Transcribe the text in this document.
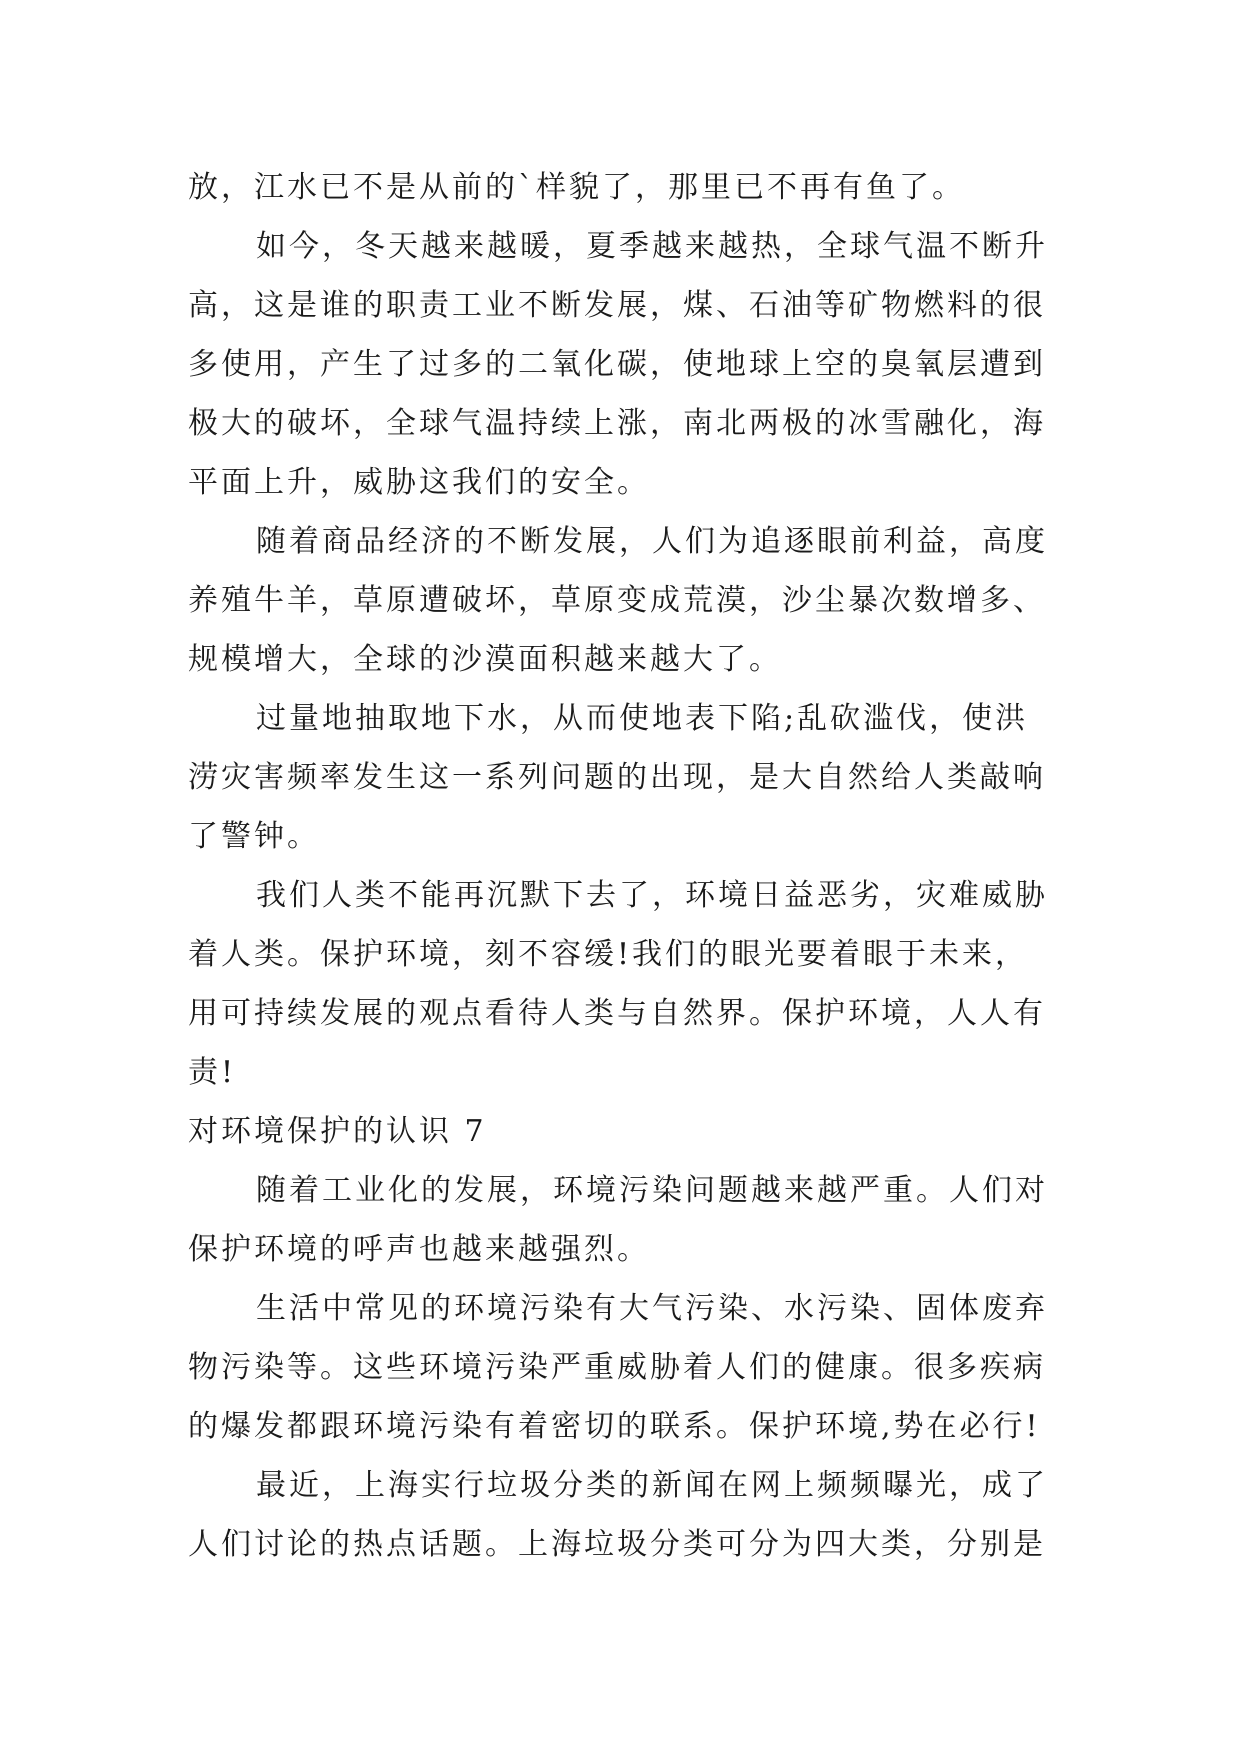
放，江水已不是从前的`样貌了，那里已不再有鱼了。
如今，冬天越来越暖，夏季越来越热，全球气温不断升
高，这是谁的职责工业不断发展，煤、石油等矿物燃料的很
多使用，产生了过多的二氧化碳，使地球上空的臭氧层遭到
极大的破坏，全球气温持续上涨，南北两极的冰雪融化，海
平面上升，威胁这我们的安全。
随着商品经济的不断发展，人们为追逐眼前利益，高度
养殖牛羊，草原遭破坏，草原变成荒漠，沙尘暴次数增多、
规模增大，全球的沙漠面积越来越大了。
过量地抽取地下水，从而使地表下陷;乱砍滥伐，使洪
涝灾害频率发生这一系列问题的出现，是大自然给人类敲响
了警钟。
我们人类不能再沉默下去了，环境日益恶劣，灾难威胁
着人类。保护环境，刻不容缓!我们的眼光要着眼于未来，
用可持续发展的观点看待人类与自然界。保护环境，人人有
责!
对环境保护的认识 7
随着工业化的发展，环境污染问题越来越严重。人们对
保护环境的呼声也越来越强烈。
生活中常见的环境污染有大气污染、水污染、固体废弃
物污染等。这些环境污染严重威胁着人们的健康。很多疾病
的爆发都跟环境污染有着密切的联系。保护环境,势在必行!
最近，上海实行垃圾分类的新闻在网上频频曝光，成了
人们讨论的热点话题。上海垃圾分类可分为四大类，分别是
